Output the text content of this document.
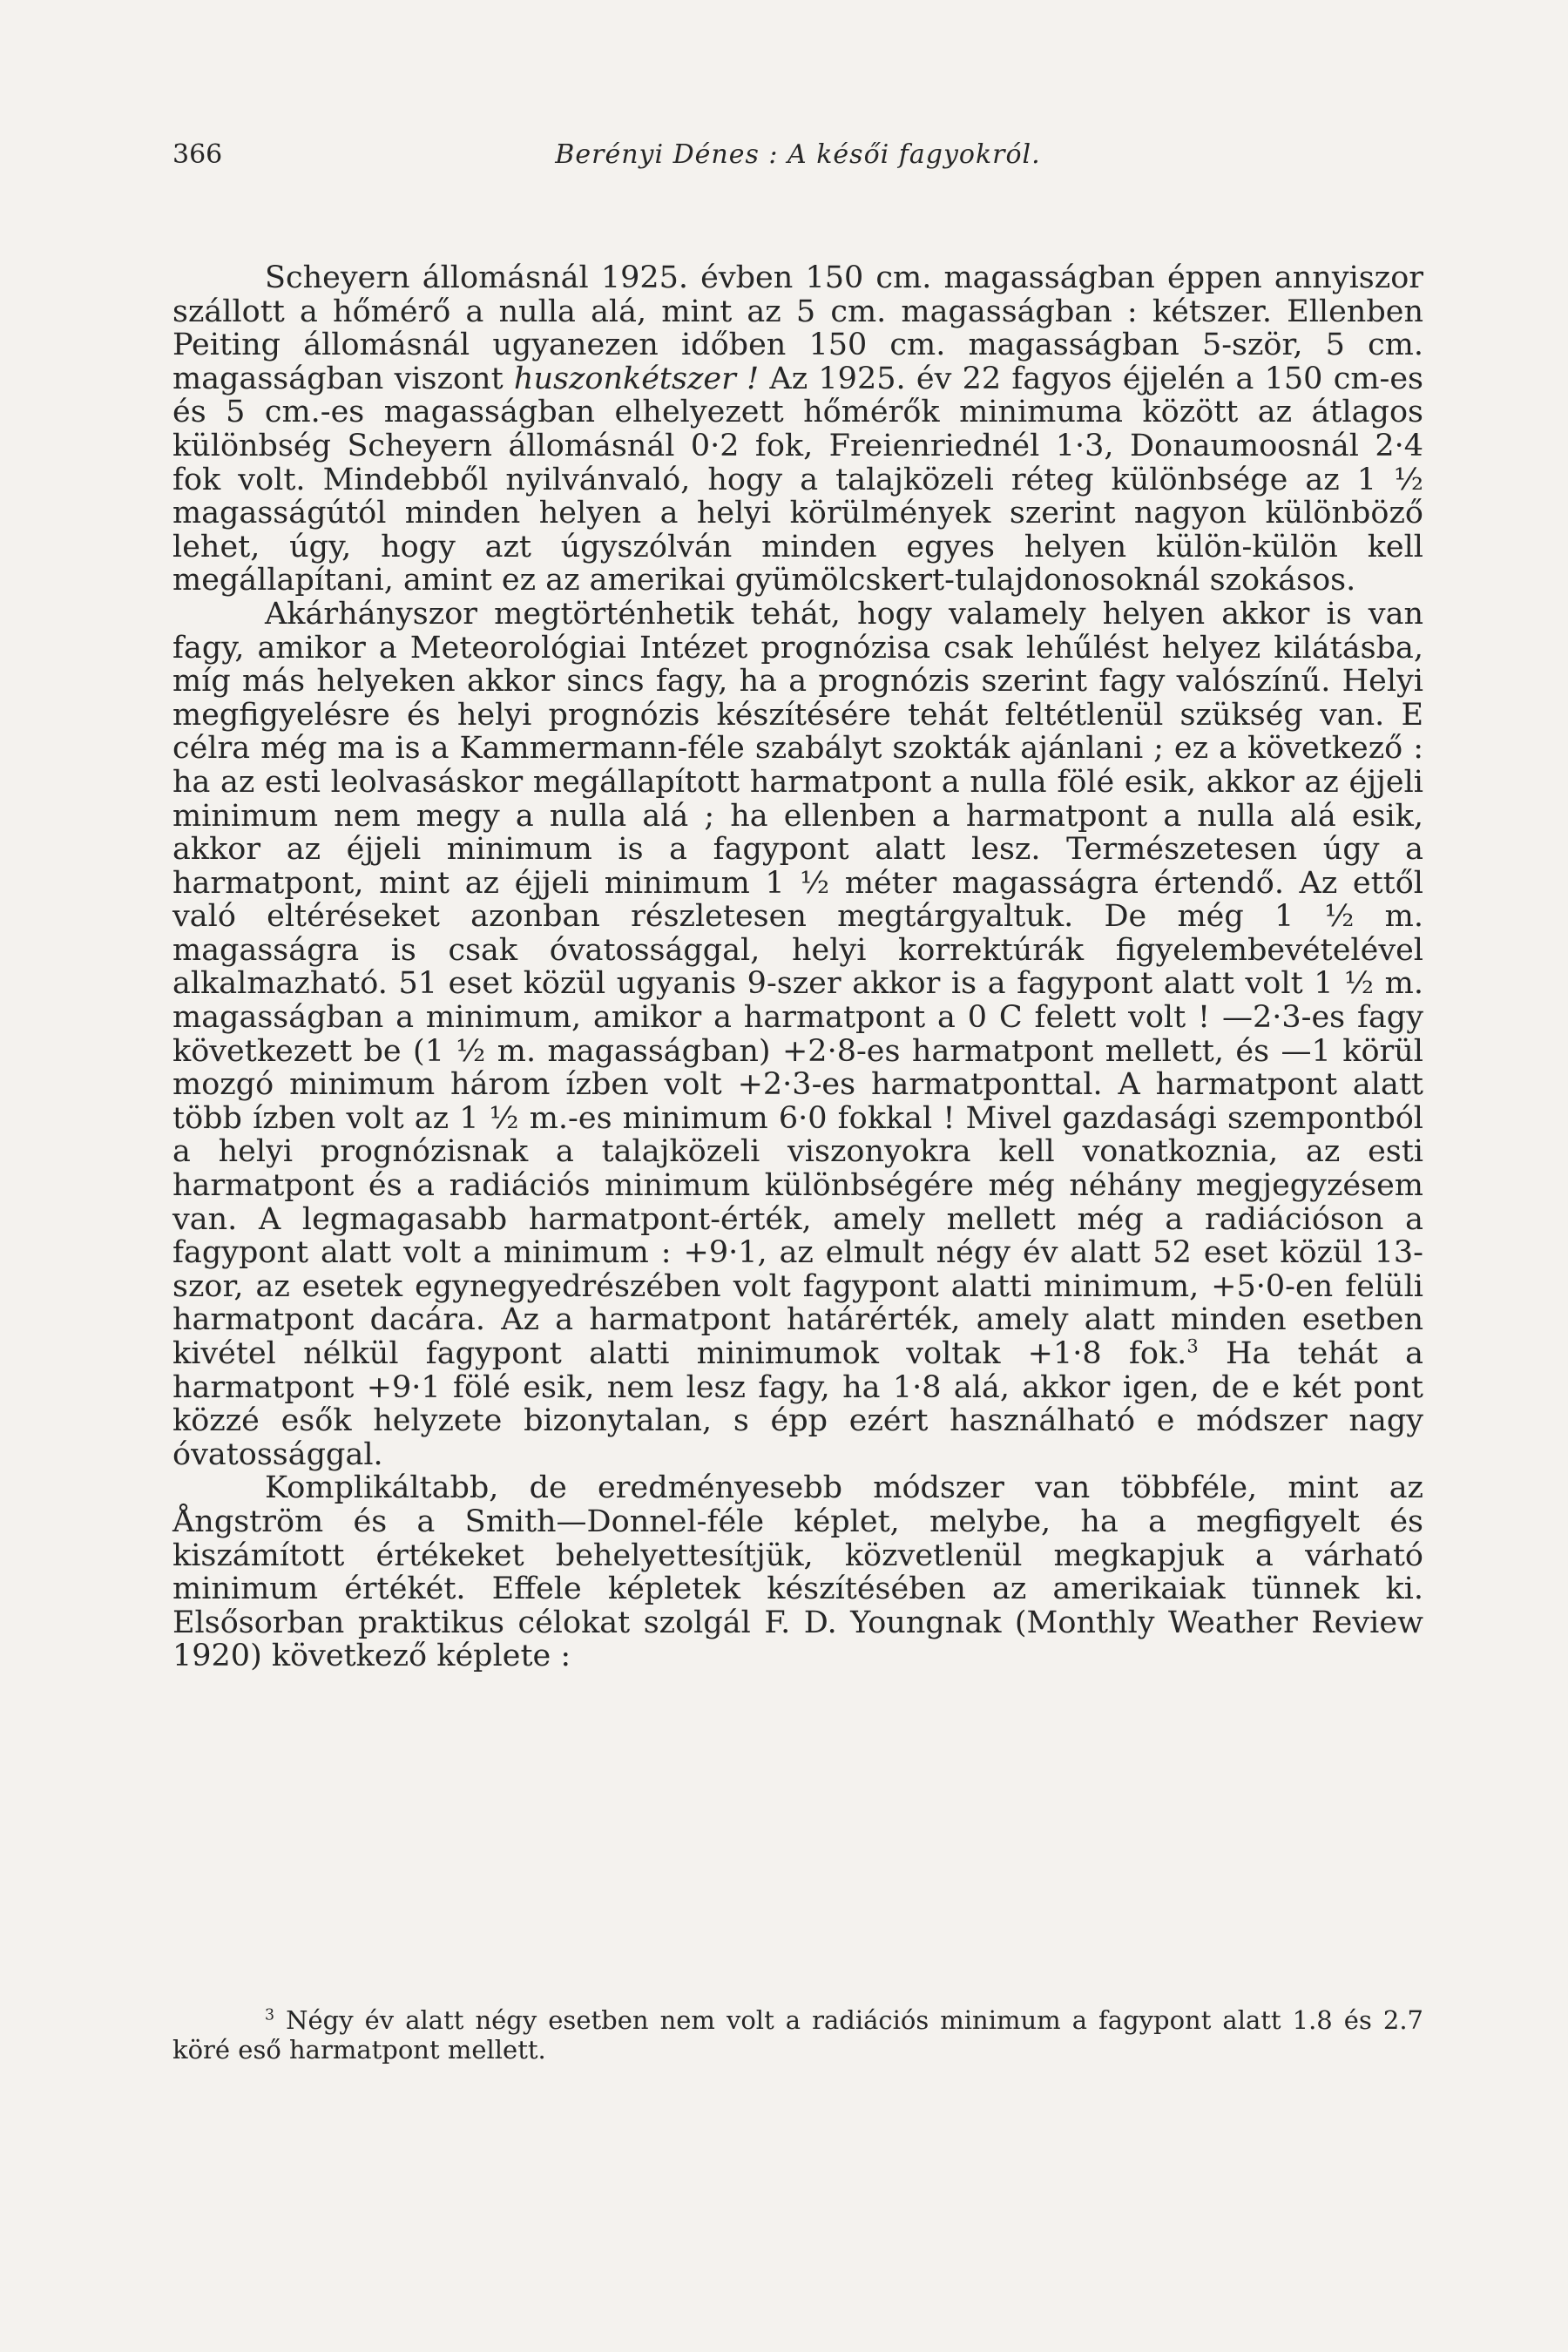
366	Berényi Dénes : A késői fagyokról.

Scheyern állomásnál 1925. évben 150 cm. magasságban éppen annyiszor szállott a hőmérő a nulla alá, mint az 5 cm. magasságban : kétszer. Ellenben Peiting állomásnál ugyanezen időben 150 cm. magasságban 5-ször, 5 cm. magasságban viszont huszonkétszer ! Az 1925. év 22 fagyos éjjelén a 150 cm-es és 5 cm.-es magasságban elhelyezett hőmérők minimuma között az átlagos különbség Scheyern állomásnál 0·2 fok, Freienriednél 1·3, Donaumoosnál 2·4 fok volt. Mindebből nyilvánvaló, hogy a talajközeli réteg különbsége az 1 ½ magasságútól minden helyen a helyi körülmények szerint nagyon különböző lehet, úgy, hogy azt úgyszólván minden egyes helyen külön-külön kell megállapítani, amint ez az amerikai gyümölcskert-tulajdonosoknál szokásos.

Akárhányszor megtörténhetik tehát, hogy valamely helyen akkor is van fagy, amikor a Meteorológiai Intézet prognózisa csak lehűlést helyez kilátásba, míg más helyeken akkor sincs fagy, ha a prognózis szerint fagy valószínű. Helyi megfigyelésre és helyi prognózis készítésére tehát feltétlenül szükség van. E célra még ma is a Kammermann-féle szabályt szokták ajánlani ; ez a következő : ha az esti leolvasáskor megállapított harmatpont a nulla fölé esik, akkor az éjjeli minimum nem megy a nulla alá ; ha ellenben a harmatpont a nulla alá esik, akkor az éjjeli minimum is a fagypont alatt lesz. Természetesen úgy a harmatpont, mint az éjjeli minimum 1 ½ méter magasságra értendő. Az ettől való eltéréseket azonban részletesen megtárgyaltuk. De még 1 ½ m. magasságra is csak óvatossággal, helyi korrektúrák figyelembevételével alkalmazható. 51 eset közül ugyanis 9-szer akkor is a fagypont alatt volt 1 ½ m. magasságban a minimum, amikor a harmatpont a 0 C felett volt ! —2·3-es fagy következett be (1 ½ m. magasságban) +2·8-es harmatpont mellett, és —1 körül mozgó minimum három ízben volt +2·3-es harmatponttal. A harmatpont alatt több ízben volt az 1 ½ m.-es minimum 6·0 fokkal ! Mivel gazdasági szempontból a helyi prognózisnak a talajközeli viszonyokra kell vonatkoznia, az esti harmatpont és a radiációs minimum különbségére még néhány megjegyzésem van. A legmagasabb harmatpont-érték, amely mellett még a radiációson a fagypont alatt volt a minimum : +9·1, az elmult négy év alatt 52 eset közül 13-szor, az esetek egynegyedrészében volt fagypont alatti minimum, +5·0-en felüli harmatpont dacára. Az a harmatpont határérték, amely alatt minden esetben kivétel nélkül fagypont alatti minimumok voltak +1·8 fok.$^3$ Ha tehát a harmatpont +9·1 fölé esik, nem lesz fagy, ha 1·8 alá, akkor igen, de e két pont közzé esők helyzete bizonytalan, s épp ezért használható e módszer nagy óvatossággal.

Komplikáltabb, de eredményesebb módszer van többféle, mint az Ångström és a Smith—Donnel-féle képlet, melybe, ha a megfigyelt és kiszámított értékeket behelyettesítjük, közvetlenül megkapjuk a várható minimum értékét. Effele képletek készítésében az amerikaiak tünnek ki. Elsősorban praktikus célokat szolgál F. D. Youngnak (Monthly Weather Review 1920) következő képlete :

$^3$ Négy év alatt négy esetben nem volt a radiációs minimum a fagypont alatt 1.8 és 2.7 köré eső harmatpont mellett.
